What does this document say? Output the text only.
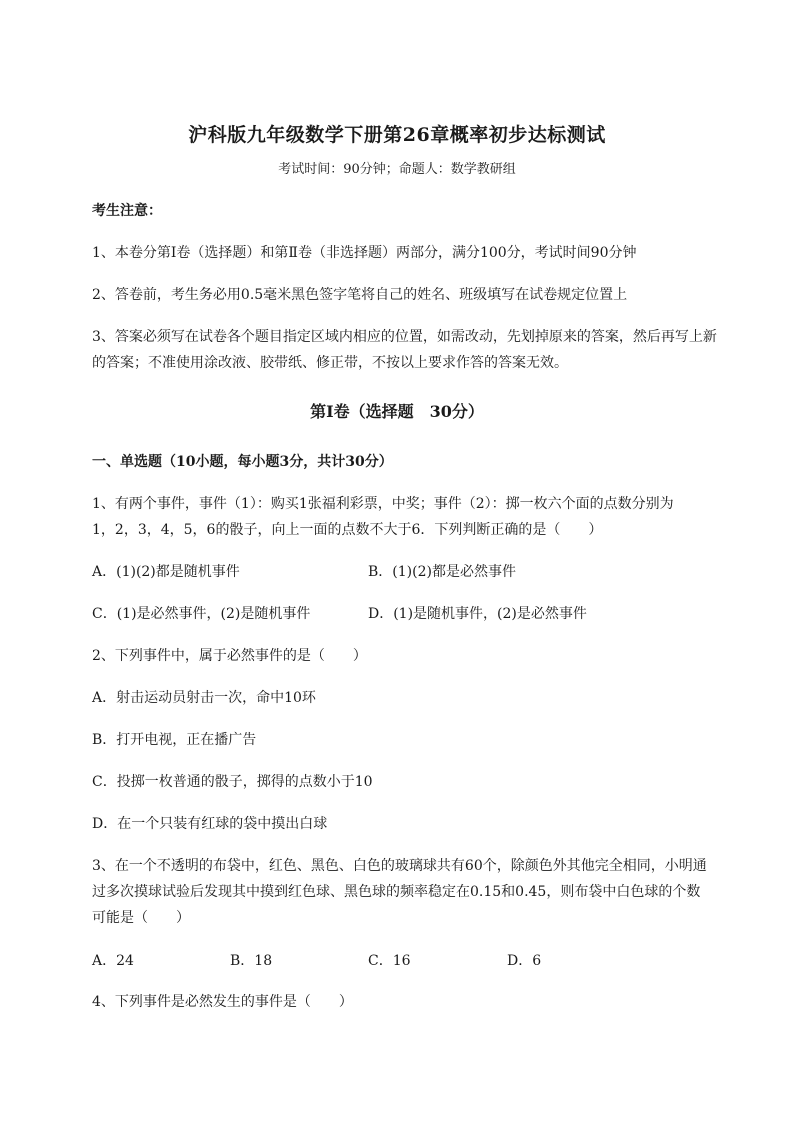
沪科版九年级数学下册第26章概率初步达标测试
考试时间：90分钟；命题人：数学教研组
考生注意：
1、本卷分第I卷（选择题）和第Ⅱ卷（非选择题）两部分，满分100分，考试时间90分钟
2、答卷前，考生务必用0.5毫米黑色签字笔将自己的姓名、班级填写在试卷规定位置上
3、答案必须写在试卷各个题目指定区域内相应的位置，如需改动，先划掉原来的答案，然后再写上新
的答案；不准使用涂改液、胶带纸、修正带，不按以上要求作答的答案无效。
第I卷（选择题　30分）
一、单选题（10小题，每小题3分，共计30分）
1、有两个事件，事件（1）：购买1张福利彩票，中奖；事件（2）：掷一枚六个面的点数分别为
1，2，3，4，5，6的骰子，向上一面的点数不大于6．下列判断正确的是（　　）
A．(1)(2)都是随机事件	B．(1)(2)都是必然事件
C．(1)是必然事件，(2)是随机事件	D．(1)是随机事件，(2)是必然事件
2、下列事件中，属于必然事件的是（　　）
A．射击运动员射击一次，命中10环
B．打开电视，正在播广告
C．投掷一枚普通的骰子，掷得的点数小于10
D．在一个只装有红球的袋中摸出白球
3、在一个不透明的布袋中，红色、黑色、白色的玻璃球共有60个，除颜色外其他完全相同，小明通
过多次摸球试验后发现其中摸到红色球、黑色球的频率稳定在0.15和0.45，则布袋中白色球的个数
可能是（　　）
A．24	B．18	C．16	D．6
4、下列事件是必然发生的事件是（　　）
